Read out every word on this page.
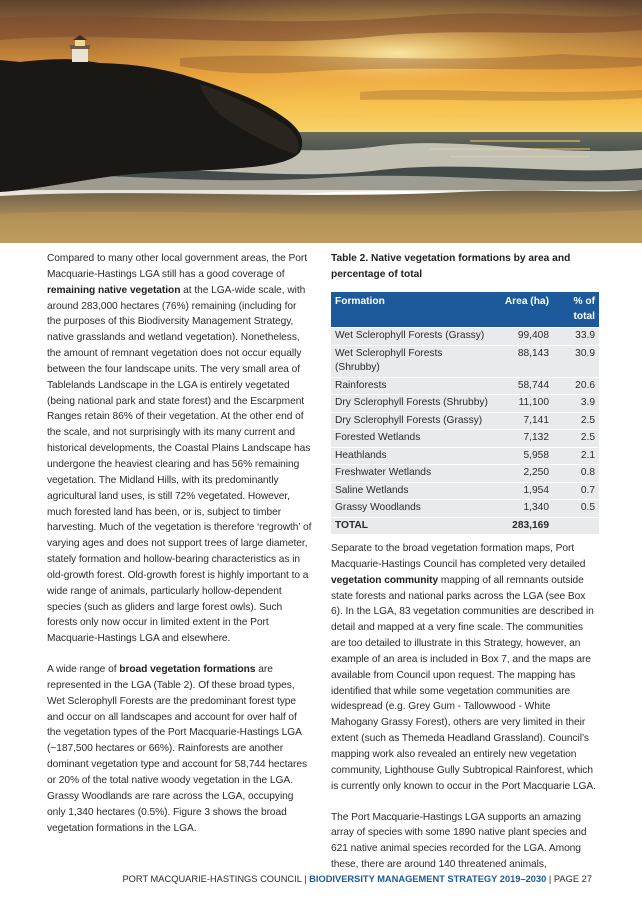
Compared to many other local government areas, the Port Macquarie-Hastings LGA still has a good coverage of remaining native vegetation at the LGA-wide scale, with around 283,000 hectares (76%) remaining (including for the purposes of this Biodiversity Management Strategy, native grasslands and wetland vegetation). Nonetheless, the amount of remnant vegetation does not occur equally between the four landscape units. The very small area of Tablelands Landscape in the LGA is entirely vegetated (being national park and state forest) and the Escarpment Ranges retain 86% of their vegetation. At the other end of the scale, and not surprisingly with its many current and historical developments, the Coastal Plains Landscape has undergone the heaviest clearing and has 56% remaining vegetation. The Midland Hills, with its predominantly agricultural land uses, is still 72% vegetated. However, much forested land has been, or is, subject to timber harvesting. Much of the vegetation is therefore ‘regrowth’ of varying ages and does not support trees of large diameter, stately formation and hollow-bearing characteristics as in old-growth forest. Old-growth forest is highly important to a wide range of animals, particularly hollow-dependent species (such as gliders and large forest owls). Such forests only now occur in limited extent in the Port Macquarie-Hastings LGA and elsewhere.

A wide range of broad vegetation formations are represented in the LGA (Table 2). Of these broad types, Wet Sclerophyll Forests are the predominant forest type and occur on all landscapes and account for over half of the vegetation types of the Port Macquarie-Hastings LGA (~187,500 hectares or 66%). Rainforests are another dominant vegetation type and account for 58,744 hectares or 20% of the total native woody vegetation in the LGA. Grassy Woodlands are rare across the LGA, occupying only 1,340 hectares (0.5%). Figure 3 shows the broad vegetation formations in the LGA.

Table 2. Native vegetation formations by area and percentage of total
Formation	Area (ha)	% of total
Wet Sclerophyll Forests (Grassy)	99,408	33.9
Wet Sclerophyll Forests (Shrubby)	88,143	30.9
Rainforests	58,744	20.6
Dry Sclerophyll Forests (Shrubby)	11,100	3.9
Dry Sclerophyll Forests (Grassy)	7,141	2.5
Forested Wetlands	7,132	2.5
Heathlands	5,958	2.1
Freshwater Wetlands	2,250	0.8
Saline Wetlands	1,954	0.7
Grassy Woodlands	1,340	0.5
TOTAL	283,169	

Separate to the broad vegetation formation maps, Port Macquarie-Hastings Council has completed very detailed vegetation community mapping of all remnants outside state forests and national parks across the LGA (see Box 6). In the LGA, 83 vegetation communities are described in detail and mapped at a very fine scale. The communities are too detailed to illustrate in this Strategy, however, an example of an area is included in Box 7, and the maps are available from Council upon request. The mapping has identified that while some vegetation communities are widespread (e.g. Grey Gum - Tallowwood - White Mahogany Grassy Forest), others are very limited in their extent (such as Themeda Headland Grassland). Council’s mapping work also revealed an entirely new vegetation community, Lighthouse Gully Subtropical Rainforest, which is currently only known to occur in the Port Macquarie LGA.

The Port Macquarie-Hastings LGA supports an amazing array of species with some 1890 native plant species and 621 native animal species recorded for the LGA. Among these, there are around 140 threatened animals,

PORT MACQUARIE-HASTINGS COUNCIL | BIODIVERSITY MANAGEMENT STRATEGY 2019–2030 | PAGE 27
